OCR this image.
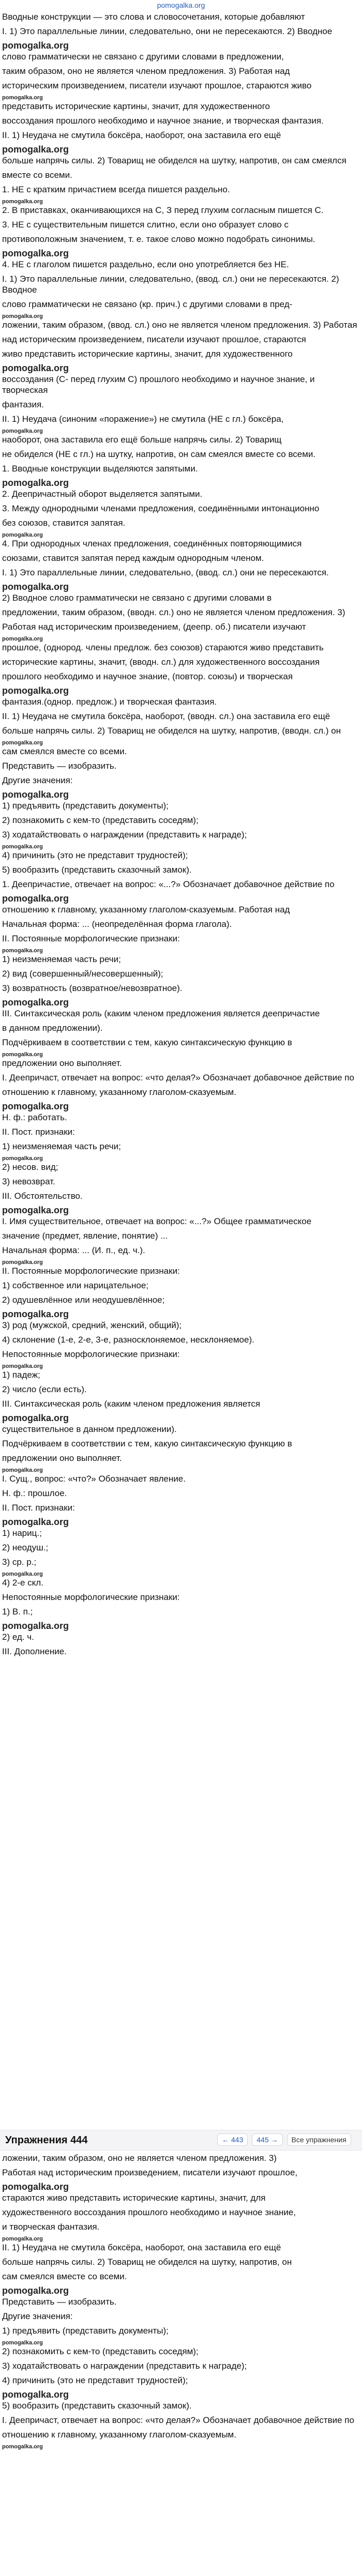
pomogalka.org

Вводные конструкции — это слова и словосочетания, которые добавляют

I. 1) Это параллельные линии, следовательно, они не пересекаются. 2) Вводное

pomogalka.org

слово грамматически не связано с другими словами в предложении,

таким образом, оно не является членом предложения. 3) Работая над

историческим произведением, писатели изучают прошлое, стараются живо

pomogalka.org

представить исторические картины, значит, для художественного

воссоздания прошлого необходимо и научное знание, и творческая фантазия.

II. 1) Неудача не смутила боксёра, наоборот, она заставила его ещё

pomogalka.org

больше напрячь силы. 2) Товарищ не обиделся на шутку, напротив, он сам смеялся

вместе со всеми.

1. НЕ с кратким причастием всегда пишется раздельно.

pomogalka.org

2. В приставках, оканчивающихся на С, З перед глухим согласным пишется С.

3. НЕ с существительным пишется слитно, если оно образует слово с

противоположным значением, т. е. такое слово можно подобрать синонимы.

pomogalka.org

4. НЕ с глаголом пишется раздельно, если оно употребляется без НЕ.

I. 1) Это параллельные линии, следовательно, (ввод. сл.) они не пересекаются. 2) Вводное

слово грамматически не связано (кр. прич.) с другими словами в пред-

pomogalka.org

ложении, таким образом, (ввод. сл.) оно не является членом предложения. 3) Работая

над историческим произведением, писатели изучают прошлое, стараются

живо представить исторические картины, значит, для художественного

pomogalka.org

воссоздания (С- перед глухим С) прошлого необходимо и научное знание, и творческая

фантазия.

II. 1) Неудача (синоним «поражение») не смутила (НЕ с гл.) боксёра,

pomogalka.org

наоборот, она заставила его ещё больше напрячь силы. 2) Товарищ

не обиделся (НЕ с гл.) на шутку, напротив, он сам смеялся вместе со всеми.

1. Вводные конструкции выделяются запятыми.

pomogalka.org

2. Деепричастный оборот выделяется запятыми.

3. Между однородными членами предложения, соединёнными интонационно

без союзов, ставится запятая.

pomogalka.org

4. При однородных членах предложения, соединённых повторяющимися

союзами, ставится запятая перед каждым однородным членом.

I. 1) Это параллельные линии, следовательно, (ввод. сл.) они не пересекаются.

pomogalka.org

2) Вводное слово грамматически не связано с другими словами в

предложении, таким образом, (вводн. сл.) оно не является членом предложения. 3)

Работая над историческим произведением, (деепр. об.) писатели изучают

pomogalka.org

прошлое, (однород. члены предлож. без союзов) стараются живо представить

исторические картины, значит, (вводн. сл.) для художественного воссоздания

прошлого необходимо и научное знание, (повтор. союзы) и творческая

pomogalka.org

фантазия.(однор. предлож.) и творческая фантазия.

II. 1) Неудача не смутила боксёра, наоборот, (вводн. сл.) она заставила его ещё

больше напрячь силы. 2) Товарищ не обиделся на шутку, напротив, (вводн. сл.) он

pomogalka.org

сам смеялся вместе со всеми.

Представить — изобразить.

Другие значения:

pomogalka.org

1) предъявить (представить документы);

2) познакомить с кем-то (представить соседям);

3) ходатайствовать о награждении (представить к награде);

pomogalka.org

4) причинить (это не представит трудностей);

5) вообразить (представить сказочный замок).

1. Деепричастие, отвечает на вопрос: «...?» Обозначает добавочное действие по

pomogalka.org

отношению к главному, указанному глаголом-сказуемым. Работая над

Начальная форма: ... (неопределённая форма глагола).

II. Постоянные морфологические признаки:

pomogalka.org

1) неизменяемая часть речи;

2) вид (совершенный/несовершенный);

3) возвратность (возвратное/невозвратное).

pomogalka.org

III. Синтаксическая роль (каким членом предложения является деепричастие

в данном предложении).

Подчёркиваем в соответствии с тем, какую синтаксическую функцию в

pomogalka.org

предложении оно выполняет.

I. Деепричаст, отвечает на вопрос: «что делая?» Обозначает добавочное действие по

отношению к главному, указанному глаголом-сказуемым.

pomogalka.org

Н. ф.: работать.

II. Пост. признаки:

1) неизменяемая часть речи;

pomogalka.org

2) несов. вид;

3) невозврат.

III. Обстоятельство.

pomogalka.org

I. Имя существительное, отвечает на вопрос: «...?» Общее грамматическое

значение (предмет, явление, понятие) ...

Начальная форма: ... (И. п., ед. ч.).

pomogalka.org

II. Постоянные морфологические признаки:

1) собственное или нарицательное;

2) одушевлённое или неодушевлённое;

pomogalka.org

3) род (мужской, средний, женский, общий);

4) склонение (1-е, 2-е, 3-е, разносклоняемое, несклоняемое).

Непостоянные морфологические признаки:

pomogalka.org

1) падеж;

2) число (если есть).

III. Синтаксическая роль (каким членом предложения является

pomogalka.org

существительное в данном предложении).

Подчёркиваем в соответствии с тем, какую синтаксическую функцию в

предложении оно выполняет.

pomogalka.org

I. Сущ., вопрос: «что?» Обозначает явление.

Н. ф.: прошлое.

II. Пост. признаки:

pomogalka.org

1) нариц.;

2) неодуш.;

3) ср. р.;

pomogalka.org

4) 2-е скл.

Непостоянные морфологические признаки:

1) В. п.;

pomogalka.org

2) ед. ч.

III. Дополнение.

Упражнения 444	← 443	445 →	Все упражнения

ложении, таким образом, оно не является членом предложения. 3)

Работая над историческим произведением, писатели изучают прошлое,

pomogalka.org

стараются живо представить исторические картины, значит, для

художественного воссоздания прошлого необходимо и научное знание,

и творческая фантазия.

pomogalka.org

II. 1) Неудача не смутила боксёра, наоборот, она заставила его ещё

больше напрячь силы. 2) Товарищ не обиделся на шутку, напротив, он

сам смеялся вместе со всеми.

pomogalka.org

Представить — изобразить.

Другие значения:

1) предъявить (представить документы);

pomogalka.org

2) познакомить с кем-то (представить соседям);

3) ходатайствовать о награждении (представить к награде);

4) причинить (это не представит трудностей);

pomogalka.org

5) вообразить (представить сказочный замок).

I. Деепричаст, отвечает на вопрос: «что делая?» Обозначает добавочное действие по

отношению к главному, указанному глаголом-сказуемым.

pomogalka.org
